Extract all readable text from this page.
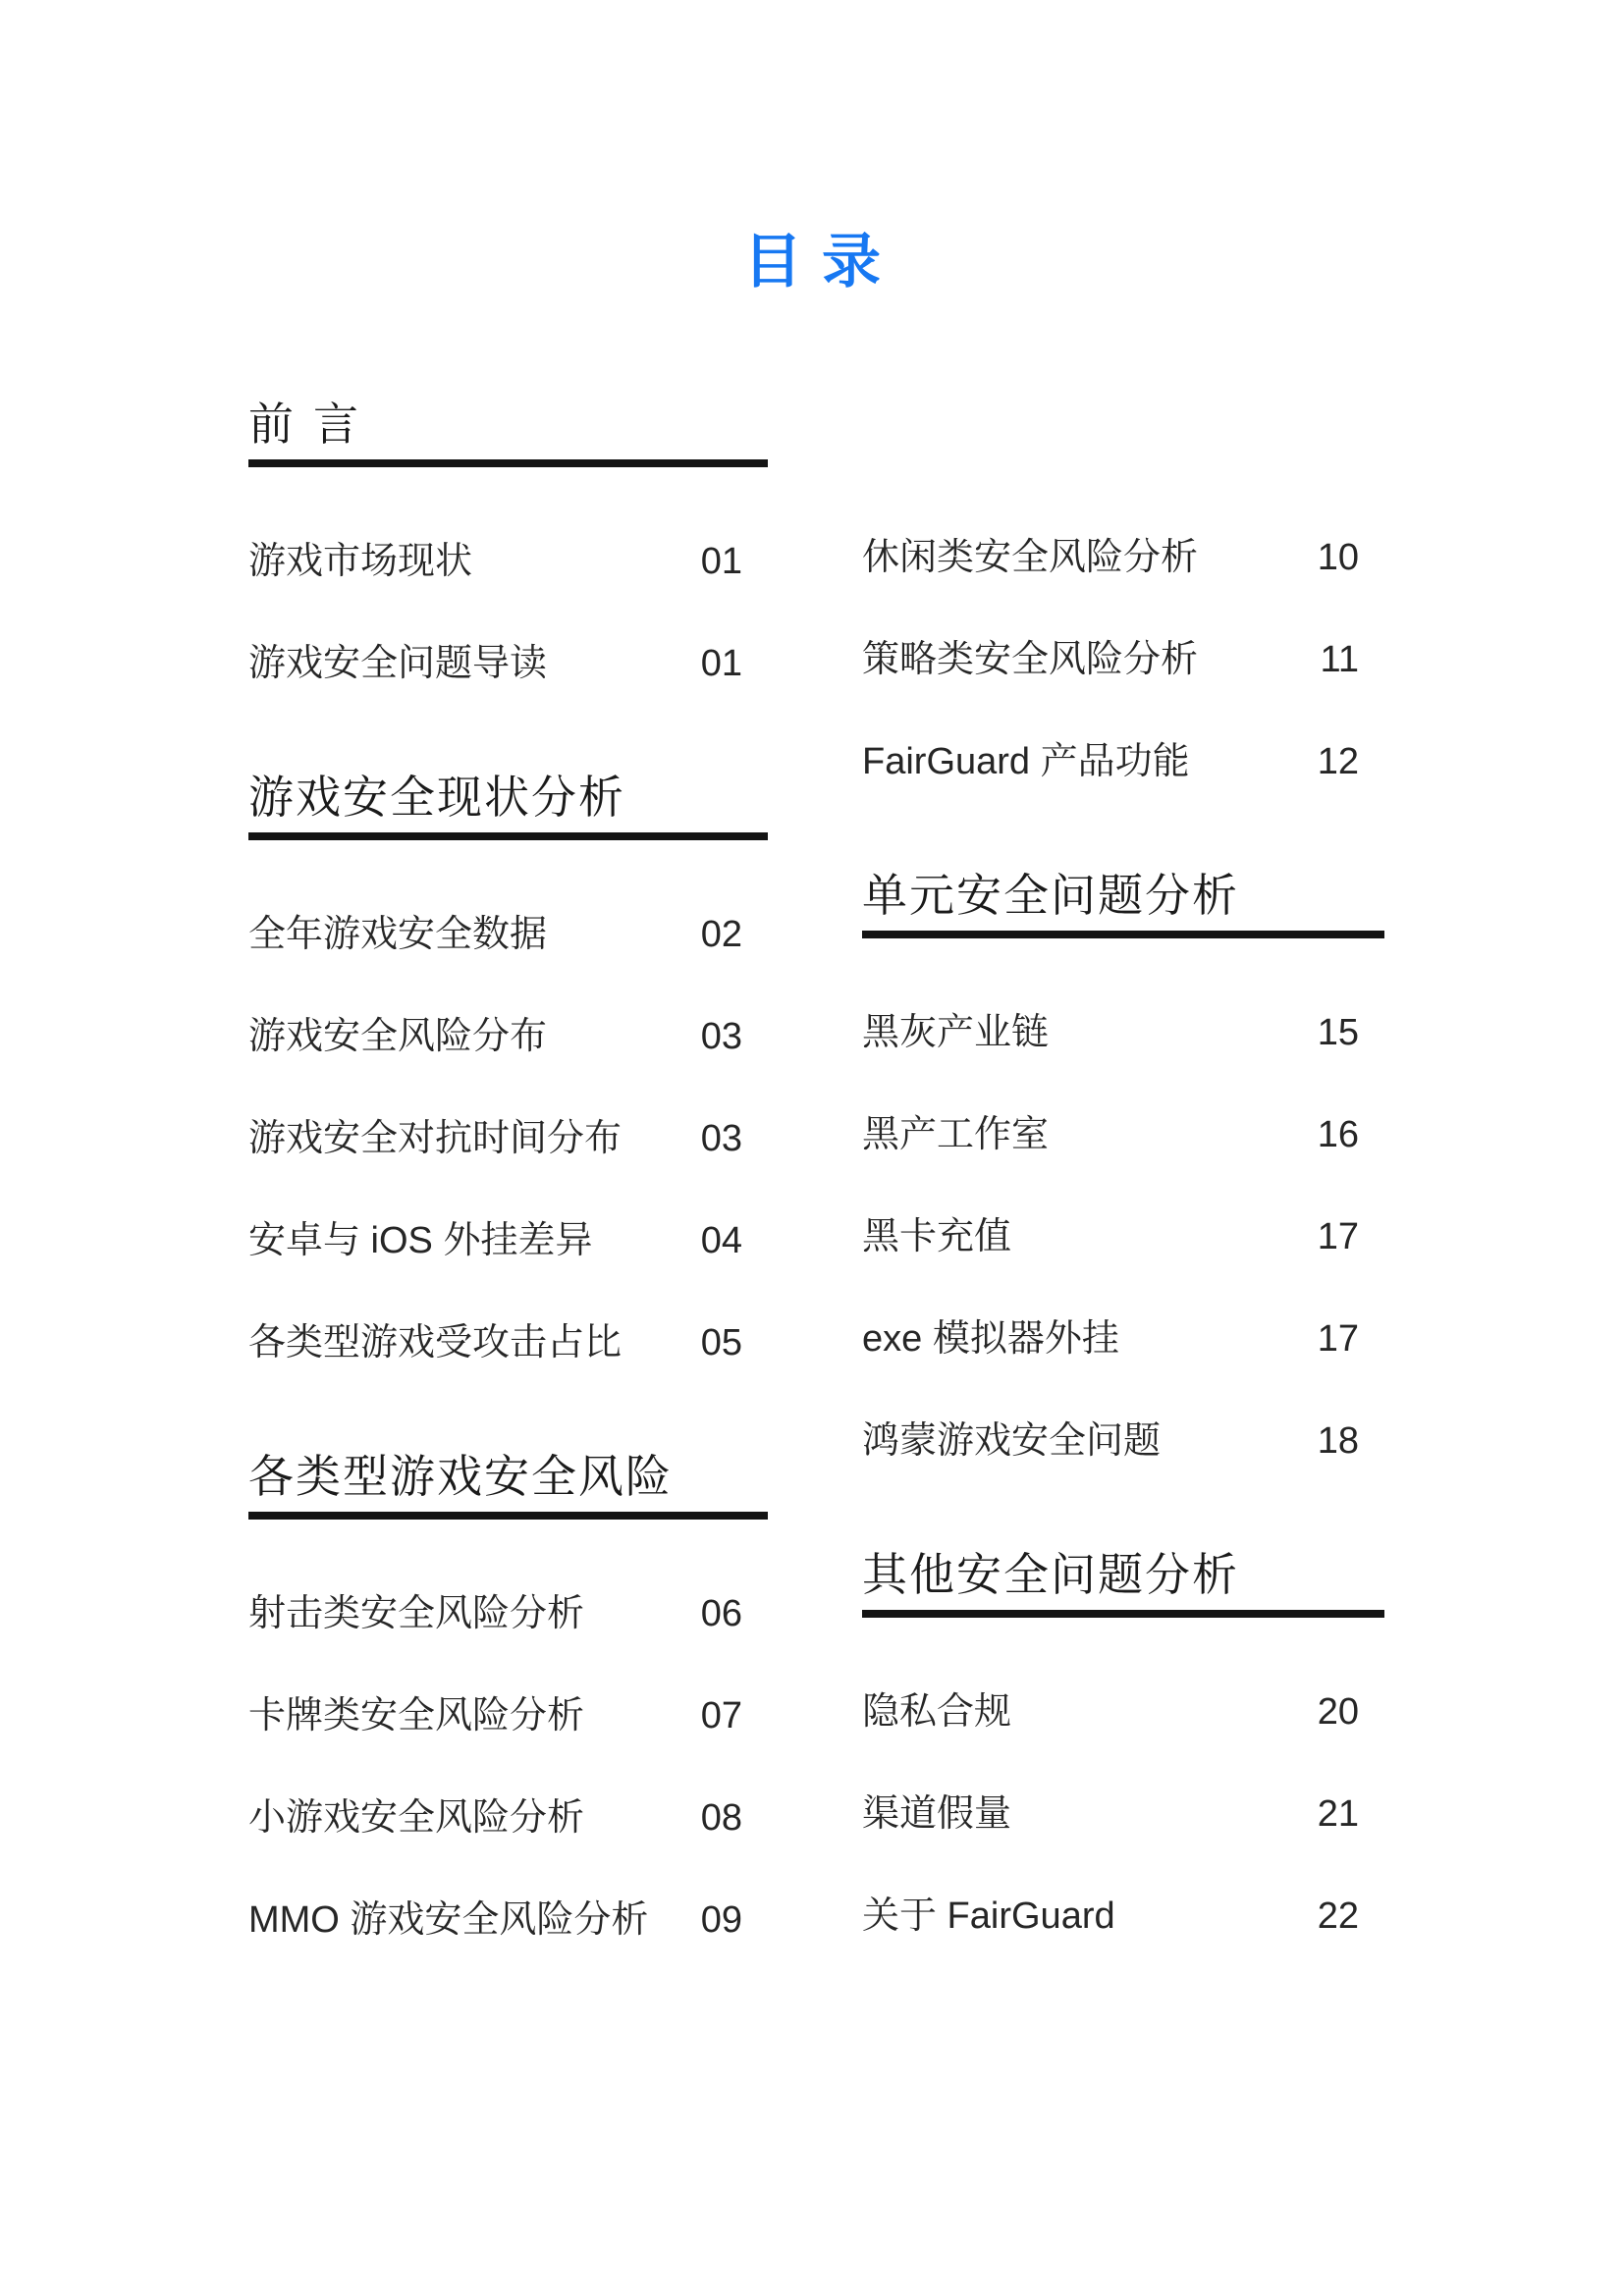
目录
前言
游戏市场现状	01
游戏安全问题导读	01
游戏安全现状分析
全年游戏安全数据	02
游戏安全风险分布	03
游戏安全对抗时间分布 03
安卓与 iOS 外挂差异	04
各类型游戏受攻击占比 05
各类型游戏安全风险
射击类安全风险分析	06
卡牌类安全风险分析	07
小游戏安全风险分析	08
MMO 游戏安全风险分析 09
休闲类安全风险分析	10
策略类安全风险分析	11
FairGuard 产品功能	12
单元安全问题分析
黑灰产业链	15
黑产工作室	16
黑卡充值	17
exe 模拟器外挂	17
鸿蒙游戏安全问题	18
其他安全问题分析
隐私合规	20
渠道假量	21
关于 FairGuard	22
